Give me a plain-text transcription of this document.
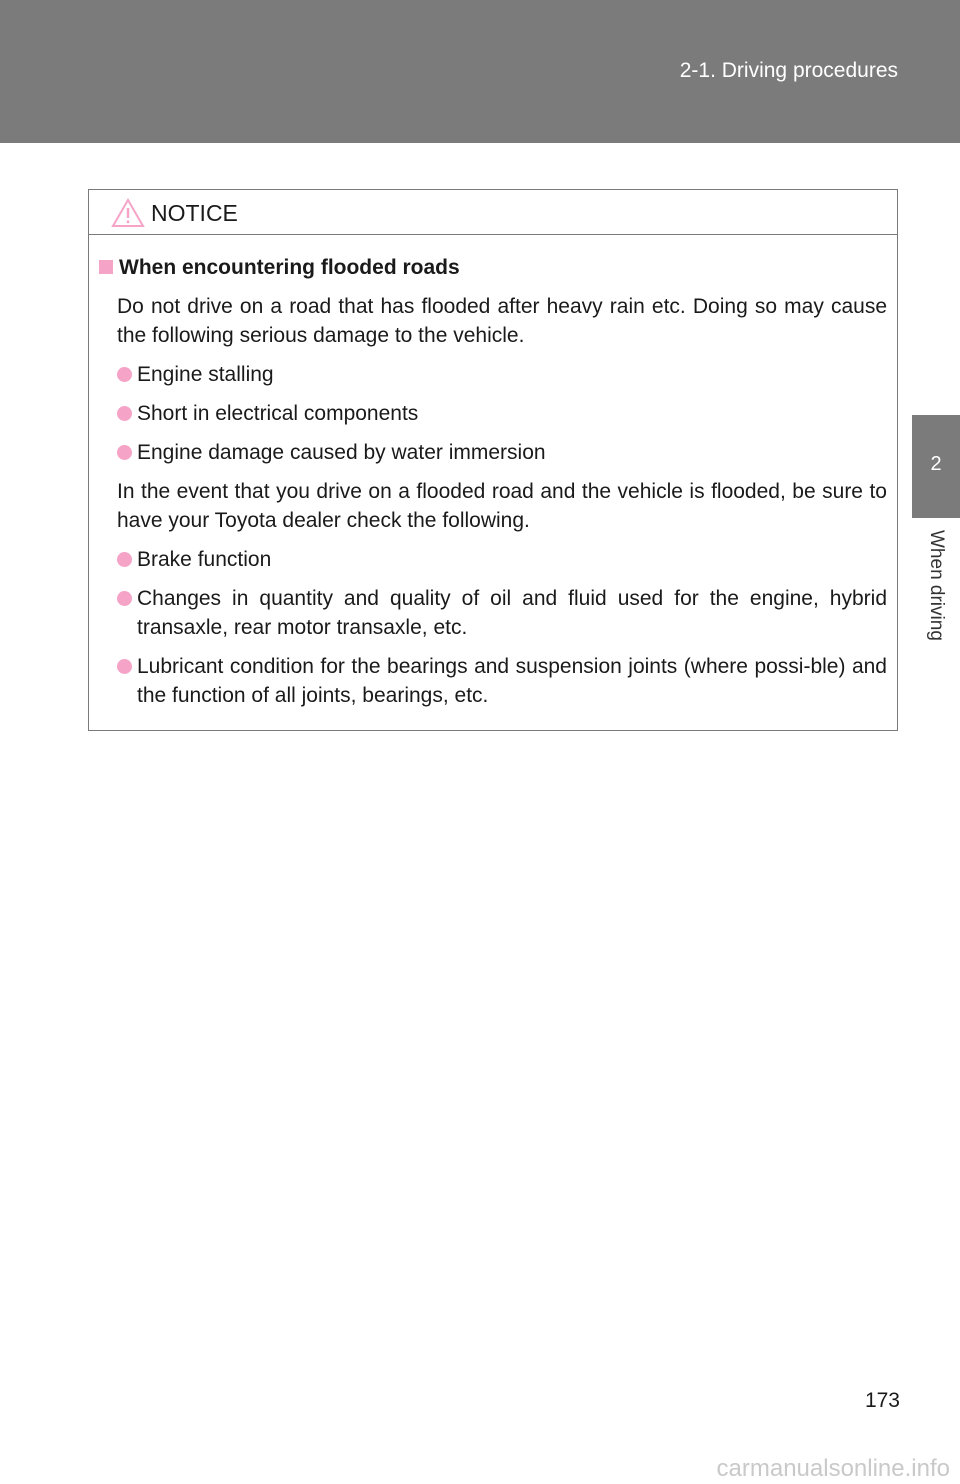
2-1. Driving procedures
2
When driving
NOTICE
When encountering flooded roads
Do not drive on a road that has flooded after heavy rain etc. Doing so may cause the following serious damage to the vehicle.
Engine stalling
Short in electrical components
Engine damage caused by water immersion
In the event that you drive on a flooded road and the vehicle is flooded, be sure to have your Toyota dealer check the following.
Brake function
Changes in quantity and quality of oil and fluid used for the engine, hybrid transaxle, rear motor transaxle, etc.
Lubricant condition for the bearings and suspension joints (where possi-ble) and the function of all joints, bearings, etc.
173
carmanualsonline.info
